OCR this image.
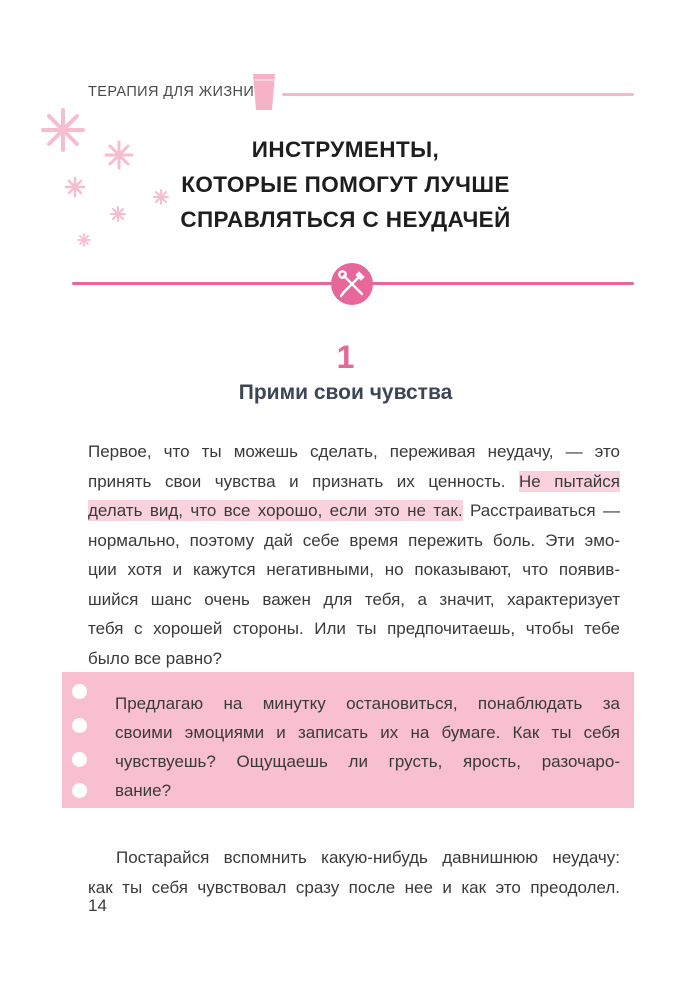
ТЕРАПИЯ ДЛЯ ЖИЗНИ
ИНСТРУМЕНТЫ,
КОТОРЫЕ ПОМОГУТ ЛУЧШЕ
СПРАВЛЯТЬСЯ С НЕУДАЧЕЙ
1
Прими свои чувства
Первое, что ты можешь сделать, переживая неудачу, — это
принять свои чувства и признать их ценность. Не пытайся
делать вид, что все хорошо, если это не так. Расстраиваться —
нормально, поэтому дай себе время пережить боль. Эти эмо-
ции хотя и кажутся негативными, но показывают, что появив-
шийся шанс очень важен для тебя, а значит, характеризует
тебя с хорошей стороны. Или ты предпочитаешь, чтобы тебе
было все равно?
Предлагаю на минутку остановиться, понаблюдать за
своими эмоциями и записать их на бумаге. Как ты себя
чувствуешь? Ощущаешь ли грусть, ярость, разочаро-
вание?
Постарайся вспомнить какую-нибудь давнишнюю неудачу:
как ты себя чувствовал сразу после нее и как это преодолел.
14
